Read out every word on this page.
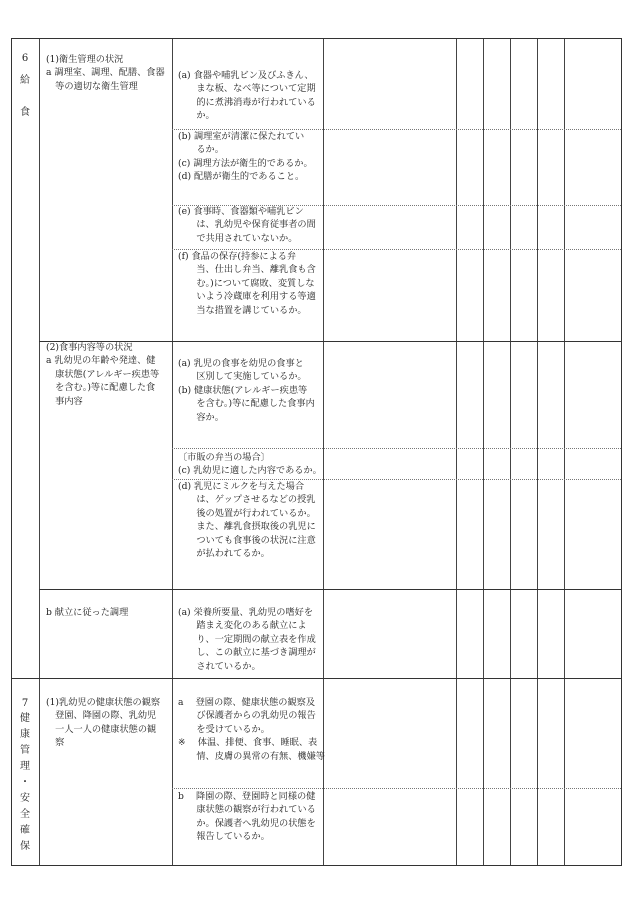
6
給

食
7
健
康
管
理
・
安
全
確
保
(1)衛生管理の状況
a 調理室、調理、配膳、食器
　等の適切な衛生管理
(2)食事内容等の状況
a 乳幼児の年齢や発達、健
　康状態(アレルギー疾患等
　を含む。)等に配慮した食
　事内容
b 献立に従った調理
(1)乳幼児の健康状態の観察
　登園、降園の際、乳幼児
　一人一人の健康状態の観
　察
(a) 食器や哺乳ビン及びふきん、
　　まな板、なべ等について定期
　　的に煮沸消毒が行われている
　　か。
(b) 調理室が清潔に保たれてい
　　るか。
(c) 調理方法が衛生的であるか。
(d) 配膳が衛生的であること。
(e) 食事時、食器類や哺乳ビン
　　は、乳幼児や保育従事者の間
　　で共用されていないか。
(f) 食品の保存(持参による弁
　　当、仕出し弁当、離乳食も含
　　む。)について腐敗、変質しな
　　いよう冷蔵庫を利用する等適
　　当な措置を講じているか。
(a) 乳児の食事を幼児の食事と
　　区別して実施しているか。
(b) 健康状態(アレルギー疾患等
　　を含む。)等に配慮した食事内
　　容か。
〔市販の弁当の場合〕
(c) 乳幼児に適した内容であるか。
(d) 乳児にミルクを与えた場合
　　は、ゲップさせるなどの授乳
　　後の処置が行われているか。
　　また、離乳食摂取後の乳児に
　　ついても食事後の状況に注意
　　が払われてるか。
(a) 栄養所要量、乳幼児の嗜好を
　　踏まえ変化のある献立によ
　　り、一定期間の献立表を作成
　　し、この献立に基づき調理が
　　されているか。
a 　登園の際、健康状態の観察及
　　び保護者からの乳幼児の報告
　　を受けているか。
※ 　体温、排便、食事、睡眠、表
　　情、皮膚の異常の有無、機嫌等
b 　降園の際、登園時と同様の健
　　康状態の観察が行われている
　　か。保護者へ乳幼児の状態を
　　報告しているか。
